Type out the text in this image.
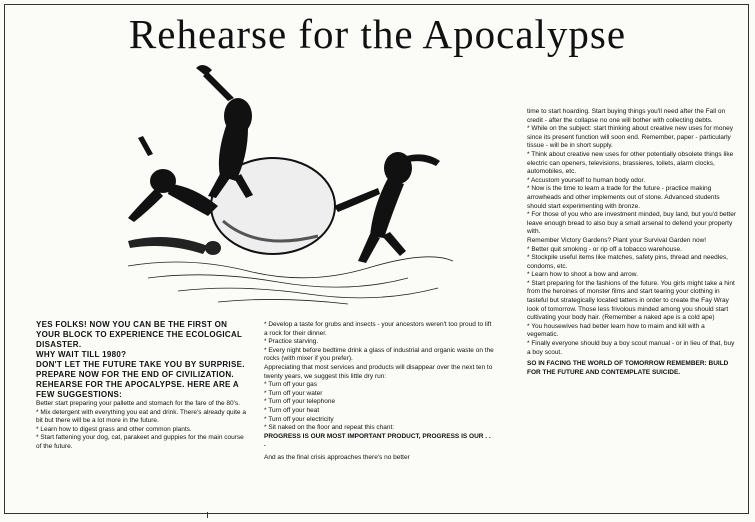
Rehearse for the Apocalypse

YES FOLKS! NOW YOU CAN BE THE FIRST ON YOUR BLOCK TO EXPERIENCE THE ECOLOGICAL DISASTER.

WHY WAIT TILL 1980?

DON'T LET THE FUTURE TAKE YOU BY SURPRISE.

PREPARE NOW FOR THE END OF CIVILIZATION.

REHEARSE FOR THE APOCALYPSE. HERE ARE A FEW SUGGESTIONS:

Better start preparing your pallette and stomach for the fare of the 80's.

* Mix detergent with everything you eat and drink. There's already quite a bit but there will be a lot more in the future.

* Learn how to digest grass and other common plants.

* Start fattening your dog, cat, parakeet and guppies for the main course of the future.

* Develop a taste for grubs and insects - your ancestors weren't too proud to lift a rock for their dinner.

* Practice starving.

* Every night before bedtime drink a glass of industrial and organic waste on the rocks (with mixer if you prefer).

Appreciating that most services and products will disappear over the next ten to twenty years, we suggest this little dry run:

* Turn off your gas

* Turn off your water

* Turn off your telephone

* Turn off your heat

* Turn off your electricity

* Sit naked on the floor and repeat this chant:

PROGRESS IS OUR MOST IMPORTANT PRODUCT, PROGRESS IS OUR . . .

And as the final crisis approaches there's no better

time to start hoarding. Start buying things you'll need after the Fall on credit - after the collapse no one will bother with collecting debts.

* While on the subject: start thinking about creative new uses for money since its present function will soon end. Remember, paper - particularly tissue - will be in short supply.

* Think about creative new uses for other potentially obsolete things like electric can openers, televisions, brassieres, toilets, alarm clocks, automobiles, etc.

* Accustom yourself to human body odor.

* Now is the time to learn a trade for the future - practice making arrowheads and other implements out of stone. Advanced students should start experimenting with bronze.

* For those of you who are investment minded, buy land, but you'd better leave enough bread to also buy a small arsenal to defend your property with.

Remember Victory Gardens? Plant your Survival Garden now!

* Better quit smoking - or rip off a tobacco warehouse.

* Stockpile useful items like matches, safety pins, thread and needles, condoms, etc.

* Learn how to shoot a bow and arrow.

* Start preparing for the fashions of the future. You girls might take a hint from the heroines of monster films and start tearing your clothing in tasteful but strategically located tatters in order to create the Fay Wray look of tomorrow. Those less frivolous minded among you should start cultivating your body hair. (Remember a naked ape is a cold ape)

* You housewives had better learn how to maim and kill with a vegematic.

* Finally everyone should buy a boy scout manual - or in lieu of that, buy a boy scout.

SO IN FACING THE WORLD OF TOMORROW REMEMBER: BUILD FOR THE FUTURE AND CONTEMPLATE SUICIDE.
